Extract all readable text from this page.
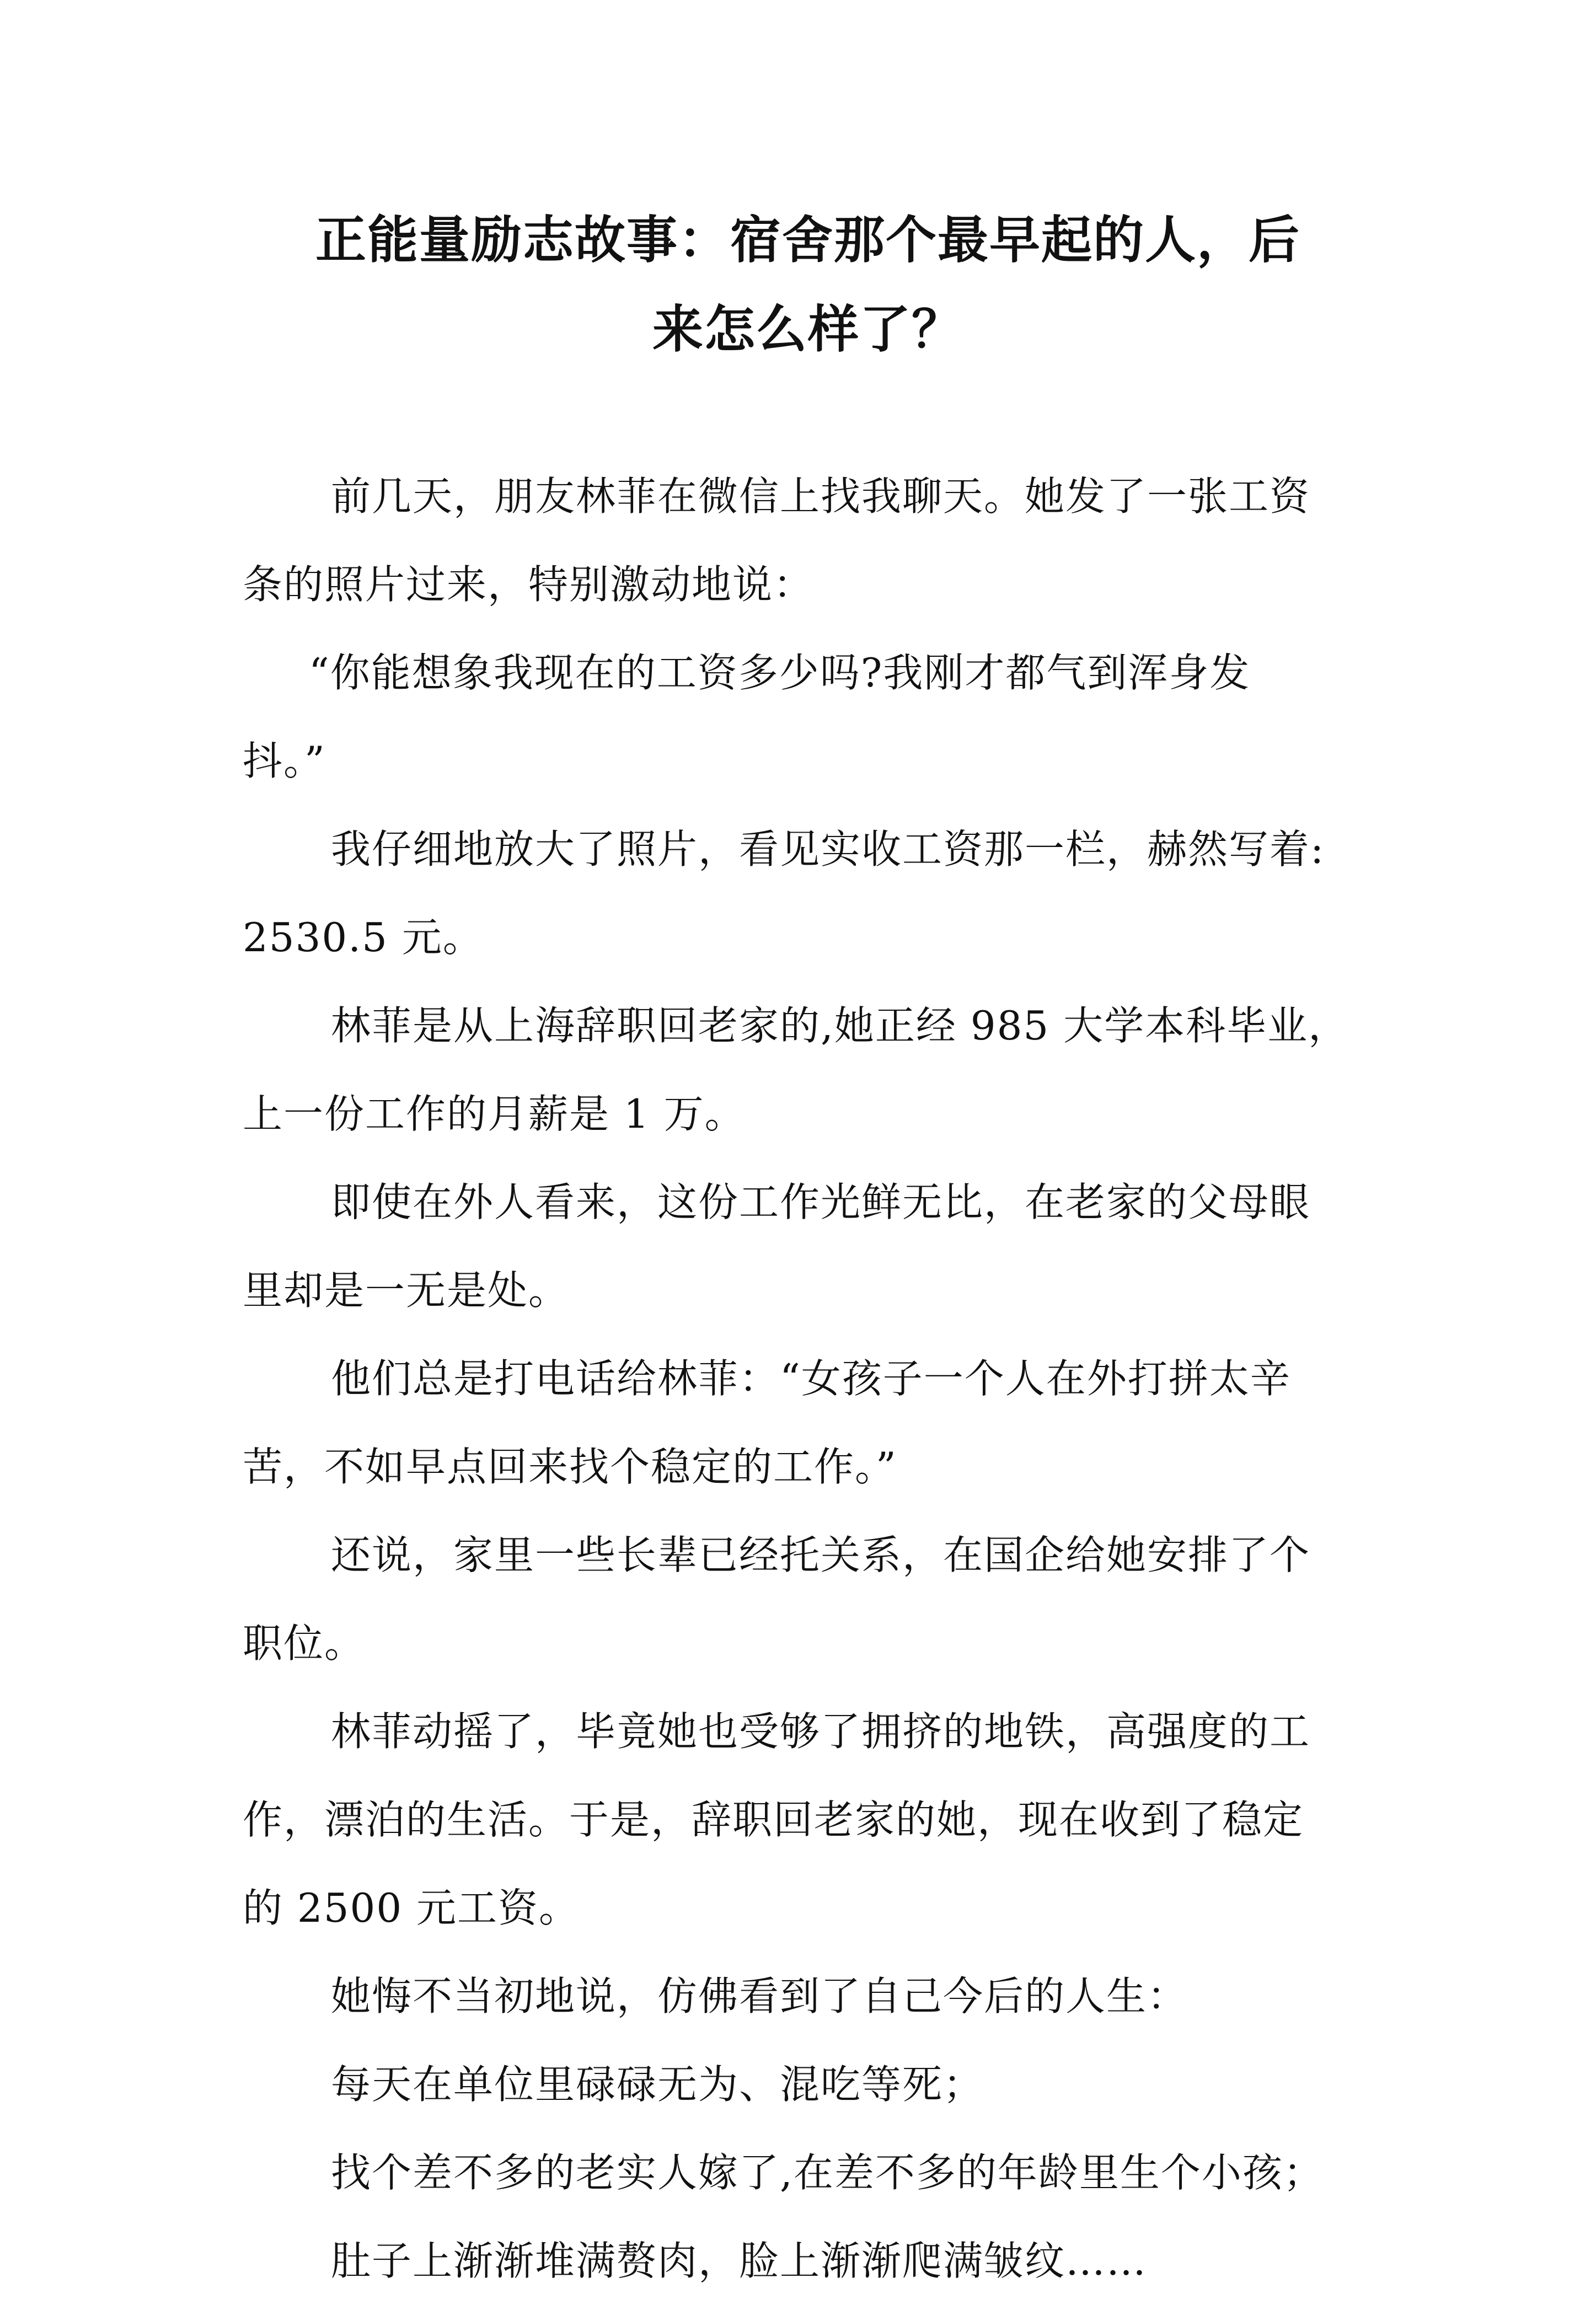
正能量励志故事：宿舍那个最早起的人，后
来怎么样了？

前几天，朋友林菲在微信上找我聊天。她发了一张工资
条的照片过来，特别激动地说：

“你能想象我现在的工资多少吗?我刚才都气到浑身发
抖。”

我仔细地放大了照片，看见实收工资那一栏，赫然写着:
2530.5 元。

林菲是从上海辞职回老家的,她正经 985 大学本科毕业，
上一份工作的月薪是 1 万。

即使在外人看来，这份工作光鲜无比，在老家的父母眼
里却是一无是处。

他们总是打电话给林菲：“女孩子一个人在外打拼太辛
苦，不如早点回来找个稳定的工作。”

还说，家里一些长辈已经托关系，在国企给她安排了个
职位。

林菲动摇了，毕竟她也受够了拥挤的地铁，高强度的工
作，漂泊的生活。于是，辞职回老家的她，现在收到了稳定
的 2500 元工资。

她悔不当初地说，仿佛看到了自己今后的人生：

每天在单位里碌碌无为、混吃等死；

找个差不多的老实人嫁了,在差不多的年龄里生个小孩；

肚子上渐渐堆满赘肉，脸上渐渐爬满皱纹……
